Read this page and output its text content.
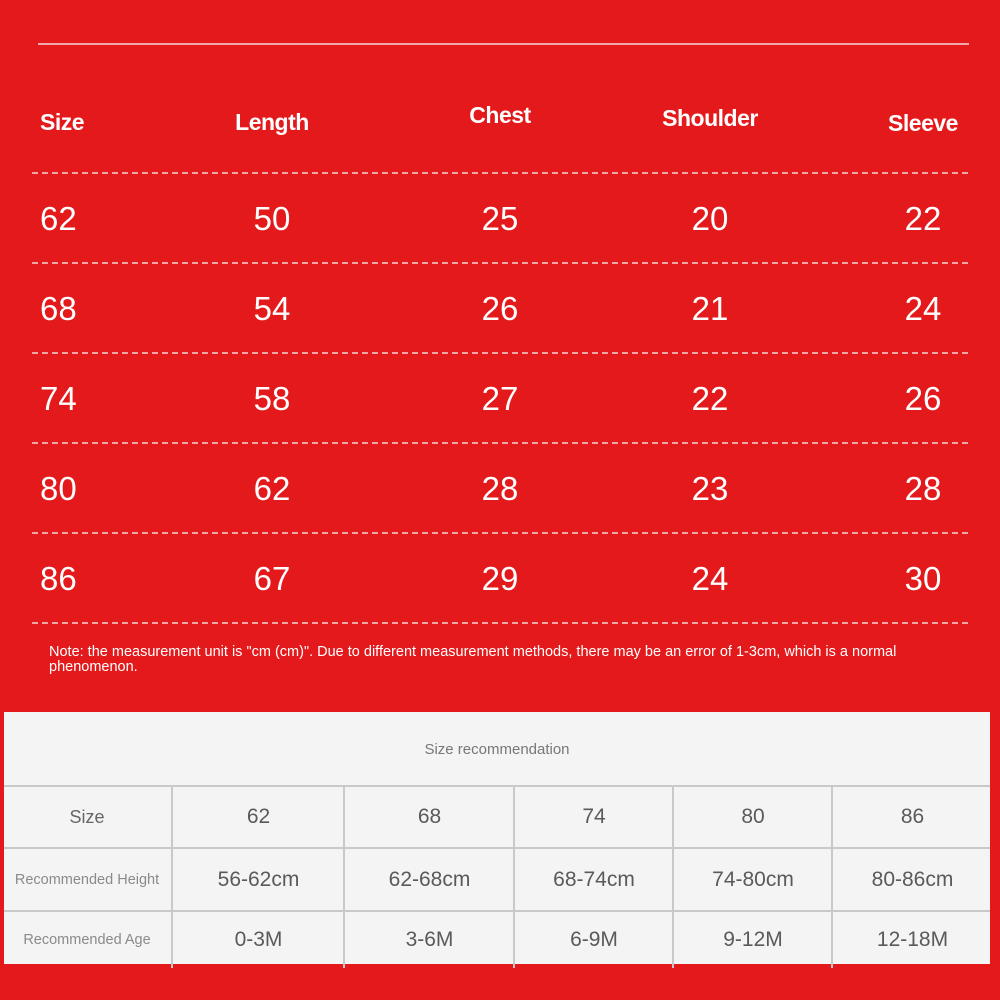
Size	Length	Chest	Shoulder	Sleeve
62	50	25	20	22
68	54	26	21	24
74	58	27	22	26
80	62	28	23	28
86	67	29	24	30
Note: the measurement unit is "cm (cm)". Due to different measurement methods, there may be an error of 1-3cm, which is a normal phenomenon.
Size recommendation
Size	62	68	74	80	86
Recommended Height	56-62cm	62-68cm	68-74cm	74-80cm	80-86cm
Recommended Age	0-3M	3-6M	6-9M	9-12M	12-18M
